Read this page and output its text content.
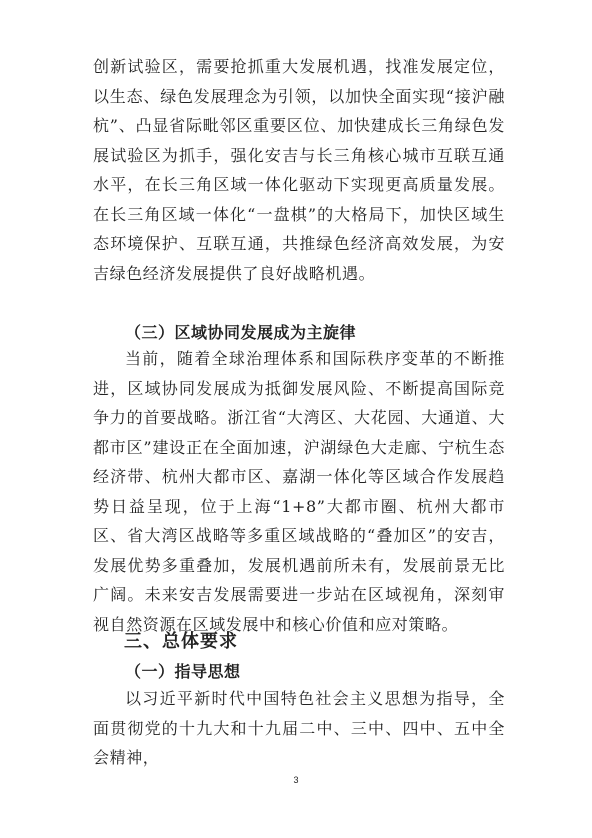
创新试验区，需要抢抓重大发展机遇，找准发展定位，以生态、绿色发展理念为引领，以加快全面实现“接沪融杭”、凸显省际毗邻区重要区位、加快建成长三角绿色发展试验区为抓手，强化安吉与长三角核心城市互联互通水平，在长三角区域一体化驱动下实现更高质量发展。在长三角区域一体化“一盘棋”的大格局下，加快区域生态环境保护、互联互通，共推绿色经济高效发展，为安吉绿色经济发展提供了良好战略机遇。

（三）区域协同发展成为主旋律

当前，随着全球治理体系和国际秩序变革的不断推进，区域协同发展成为抵御发展风险、不断提高国际竞争力的首要战略。浙江省“大湾区、大花园、大通道、大都市区”建设正在全面加速，沪湖绿色大走廊、宁杭生态经济带、杭州大都市区、嘉湖一体化等区域合作发展趋势日益呈现，位于上海“1+8”大都市圈、杭州大都市区、省大湾区战略等多重区域战略的“叠加区”的安吉，发展优势多重叠加，发展机遇前所未有，发展前景无比广阔。未来安吉发展需要进一步站在区域视角，深刻审视自然资源在区域发展中和核心价值和应对策略。

三、总体要求
（一）指导思想

以习近平新时代中国特色社会主义思想为指导，全面贯彻党的十九大和十九届二中、三中、四中、五中全会精神，

3
